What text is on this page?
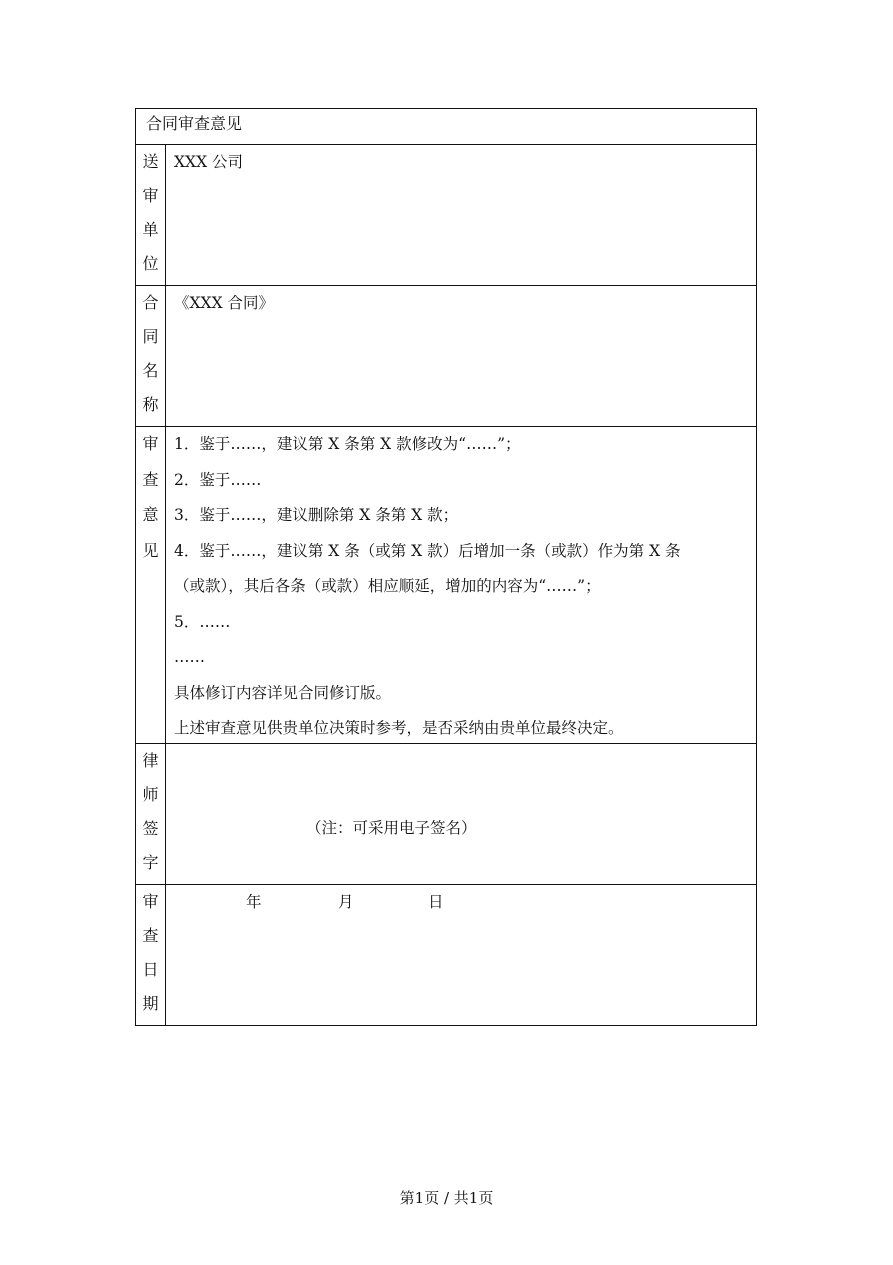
合同审查意见
送
审
单
位
XXX 公司
合
同
名
称
《XXX 合同》
审
查
意
见
1．鉴于……，建议第 X 条第 X 款修改为“……”；
2．鉴于……
3．鉴于……，建议删除第 X 条第 X 款；
4．鉴于……，建议第 X 条（或第 X 款）后增加一条（或款）作为第 X 条
（或款），其后各条（或款）相应顺延，增加的内容为“……”；
5．……
……
具体修订内容详见合同修订版。
上述审查意见供贵单位决策时参考，是否采纳由贵单位最终决定。
律
师
签
字
（注：可采用电子签名）
审
查
日
期
年	月	日
第1页 / 共1页
